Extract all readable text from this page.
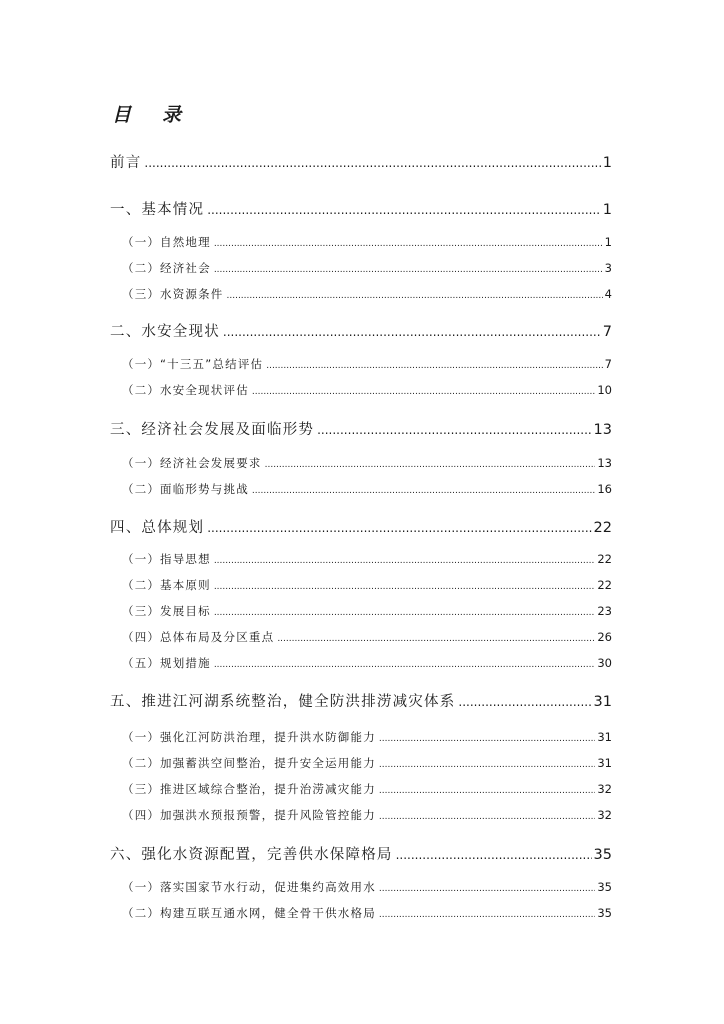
目 录
前言 .....	1
一、 基本情况 .....	1
（一） 自然地理 .....	1
（二） 经济社会 .....	3
（三） 水资源条件 .....	4
二、 水安全现状 .....	7
（一） “十三五”总结评估 .....	7
（二） 水安全现状评估 .....	10
三、 经济社会发展及面临形势 .....	13
（一） 经济社会发展要求 .....	13
（二） 面临形势与挑战 .....	16
四、 总体规划 .....	22
（一） 指导思想 .....	22
（二） 基本原则 .....	22
（三） 发展目标 .....	23
（四） 总体布局及分区重点 .....	26
（五） 规划措施 .....	30
五、 推进江河湖系统整治，健全防洪排涝减灾体系 .....	31
（一） 强化江河防洪治理，提升洪水防御能力 .....	31
（二） 加强蓄洪空间整治，提升安全运用能力 .....	31
（三） 推进区域综合整治，提升治涝减灾能力 .....	32
（四） 加强洪水预报预警，提升风险管控能力 .....	32
六、 强化水资源配置，完善供水保障格局 .....	35
（一） 落实国家节水行动，促进集约高效用水 .....	35
（二） 构建互联互通水网，健全骨干供水格局 .....	35
